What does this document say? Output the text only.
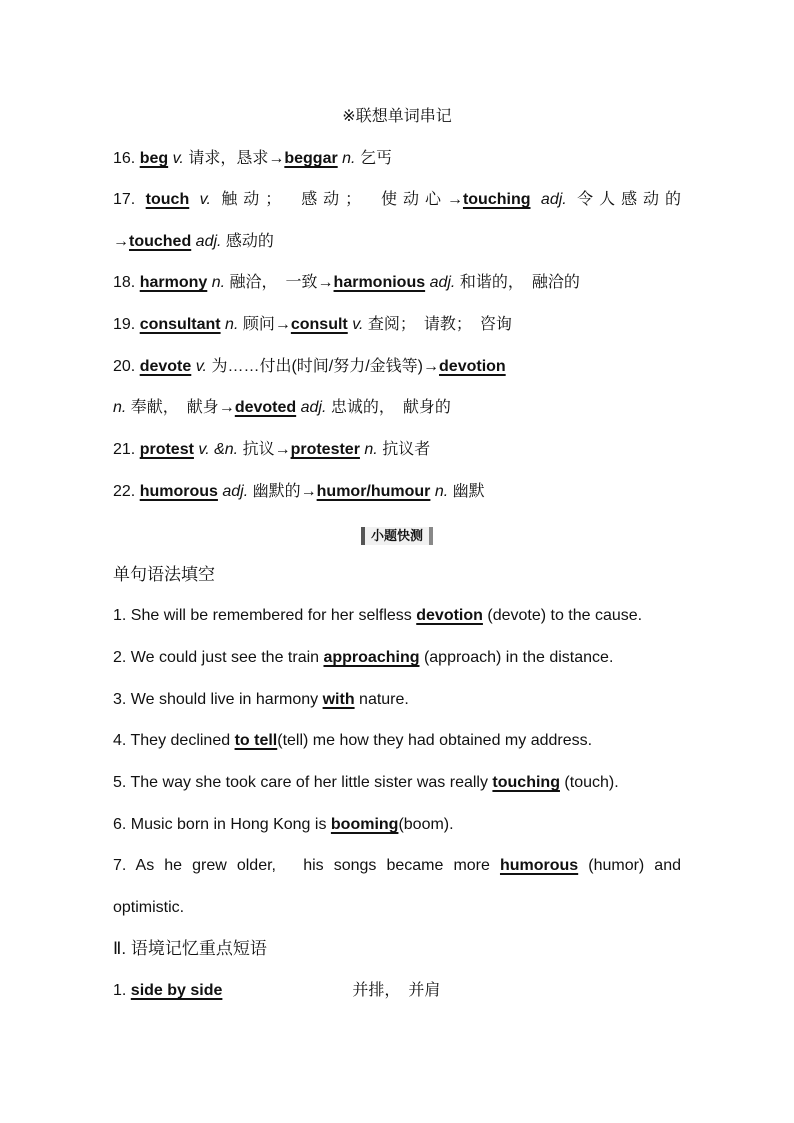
※联想单词串记
16. beg v. 请求，恳求→beggar n. 乞丐
17. touch v. 触动；　感动；　使动心→touching adj. 令人感动的
→touched adj. 感动的
18. harmony n. 融洽，　一致→harmonious adj. 和谐的，　融洽的
19. consultant n. 顾问→consult v. 查阅；　请教；　咨询
20. devote v. 为……付出(时间/努力/金钱等)→devotion
n. 奉献，　献身→devoted adj. 忠诚的，　献身的
21. protest v. &n. 抗议→protester n. 抗议者
22. humorous adj. 幽默的→humor/humour n. 幽默
小题快测
单句语法填空
1. She will be remembered for her selfless devotion (devote) to the cause.
2. We could just see the train approaching (approach) in the distance.
3. We should live in harmony with nature.
4. They declined to tell(tell) me how they had obtained my address.
5. The way she took care of her little sister was really touching (touch).
6. Music born in Hong Kong is booming(boom).
7. As he grew older,　his songs became more humorous (humor) and
optimistic.
Ⅱ. 语境记忆重点短语
1. side by side	并排，　并肩
